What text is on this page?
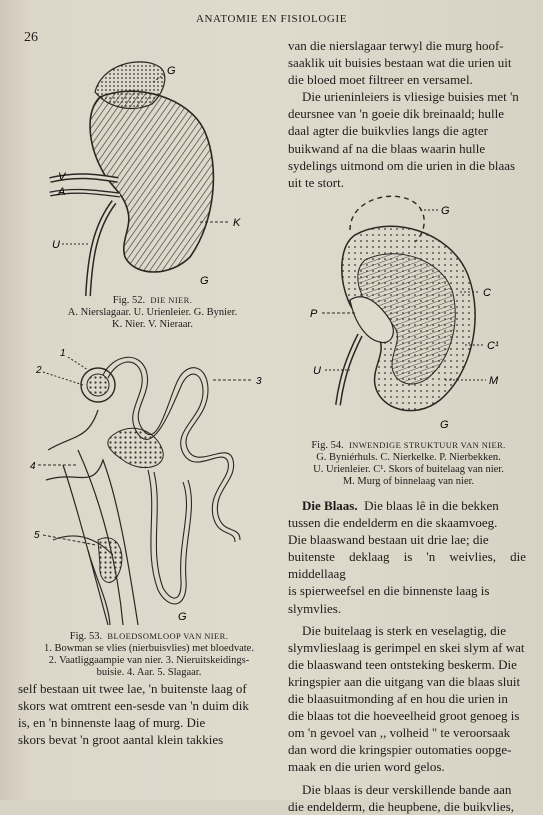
ANATOMIE EN FISIOLOGIE
26
G
V
A
K
U
G
Fig. 52. DIE NIER.
A. Nierslagaar. U. Urienleier. G. Bynier.
K. Nier. V. Nieraar.
1
2
3
4
5
G
Fig. 53. BLOEDSOMLOOP VAN NIER.
1. Bowman se vlies (nierbuisvlies) met bloedvate.
2. Vaatliggaampie van nier. 3. Nieruitskeidings-
buisie. 4. Aar. 5. Slagaar.

self bestaan uit twee lae, 'n buitenste laag of

skors wat omtrent een-sesde van 'n duim dik

is, en 'n binnenste laag of murg. Die

skors bevat 'n groot aantal klein takkies

van die nierslagaar terwyl die murg hoof-

saaklik uit buisies bestaan wat die urien uit

die bloed moet filtreer en versamel.

Die urieninleiers is vliesige buisies met 'n

deursnee van 'n goeie dik breinaald; hulle

daal agter die buikvlies langs die agter

buikwand af na die blaas waarin hulle

sydelings uitmond om die urien in die blaas

uit te stort.

G
P
C
C¹
U
M
G
Fig. 54. INWENDIGE STRUKTUUR VAN NIER.
G. Byniérhuls. C. Nierkelke. P. Nierbekken.
U. Urienleier. C¹. Skors of buitelaag van nier.
M. Murg of binnelaag van nier.

Die Blaas. Die blaas lê in die bekken

tussen die endelderm en die skaamvoeg.

Die blaaswand bestaan uit drie lae; die

buitenste deklaag is 'n weivlies, die middellaag

is spierweefsel en die binnenste laag is

slymvlies.

Die buitelaag is sterk en veselagtig, die

slymvlieslaag is gerimpel en skei slym af wat

die blaaswand teen ontsteking beskerm. Die

kringspier aan die uitgang van die blaas sluit

die blaasuitmonding af en hou die urien in

die blaas tot die hoeveelheid groot genoeg is

om 'n gevoel van ,, volheid " te veroorsaak

dan word die kringspier outomaties oopge-

maak en die urien word gelos.

Die blaas is deur verskillende bande aan

die endelderm, die heupbene, die buikvlies,
